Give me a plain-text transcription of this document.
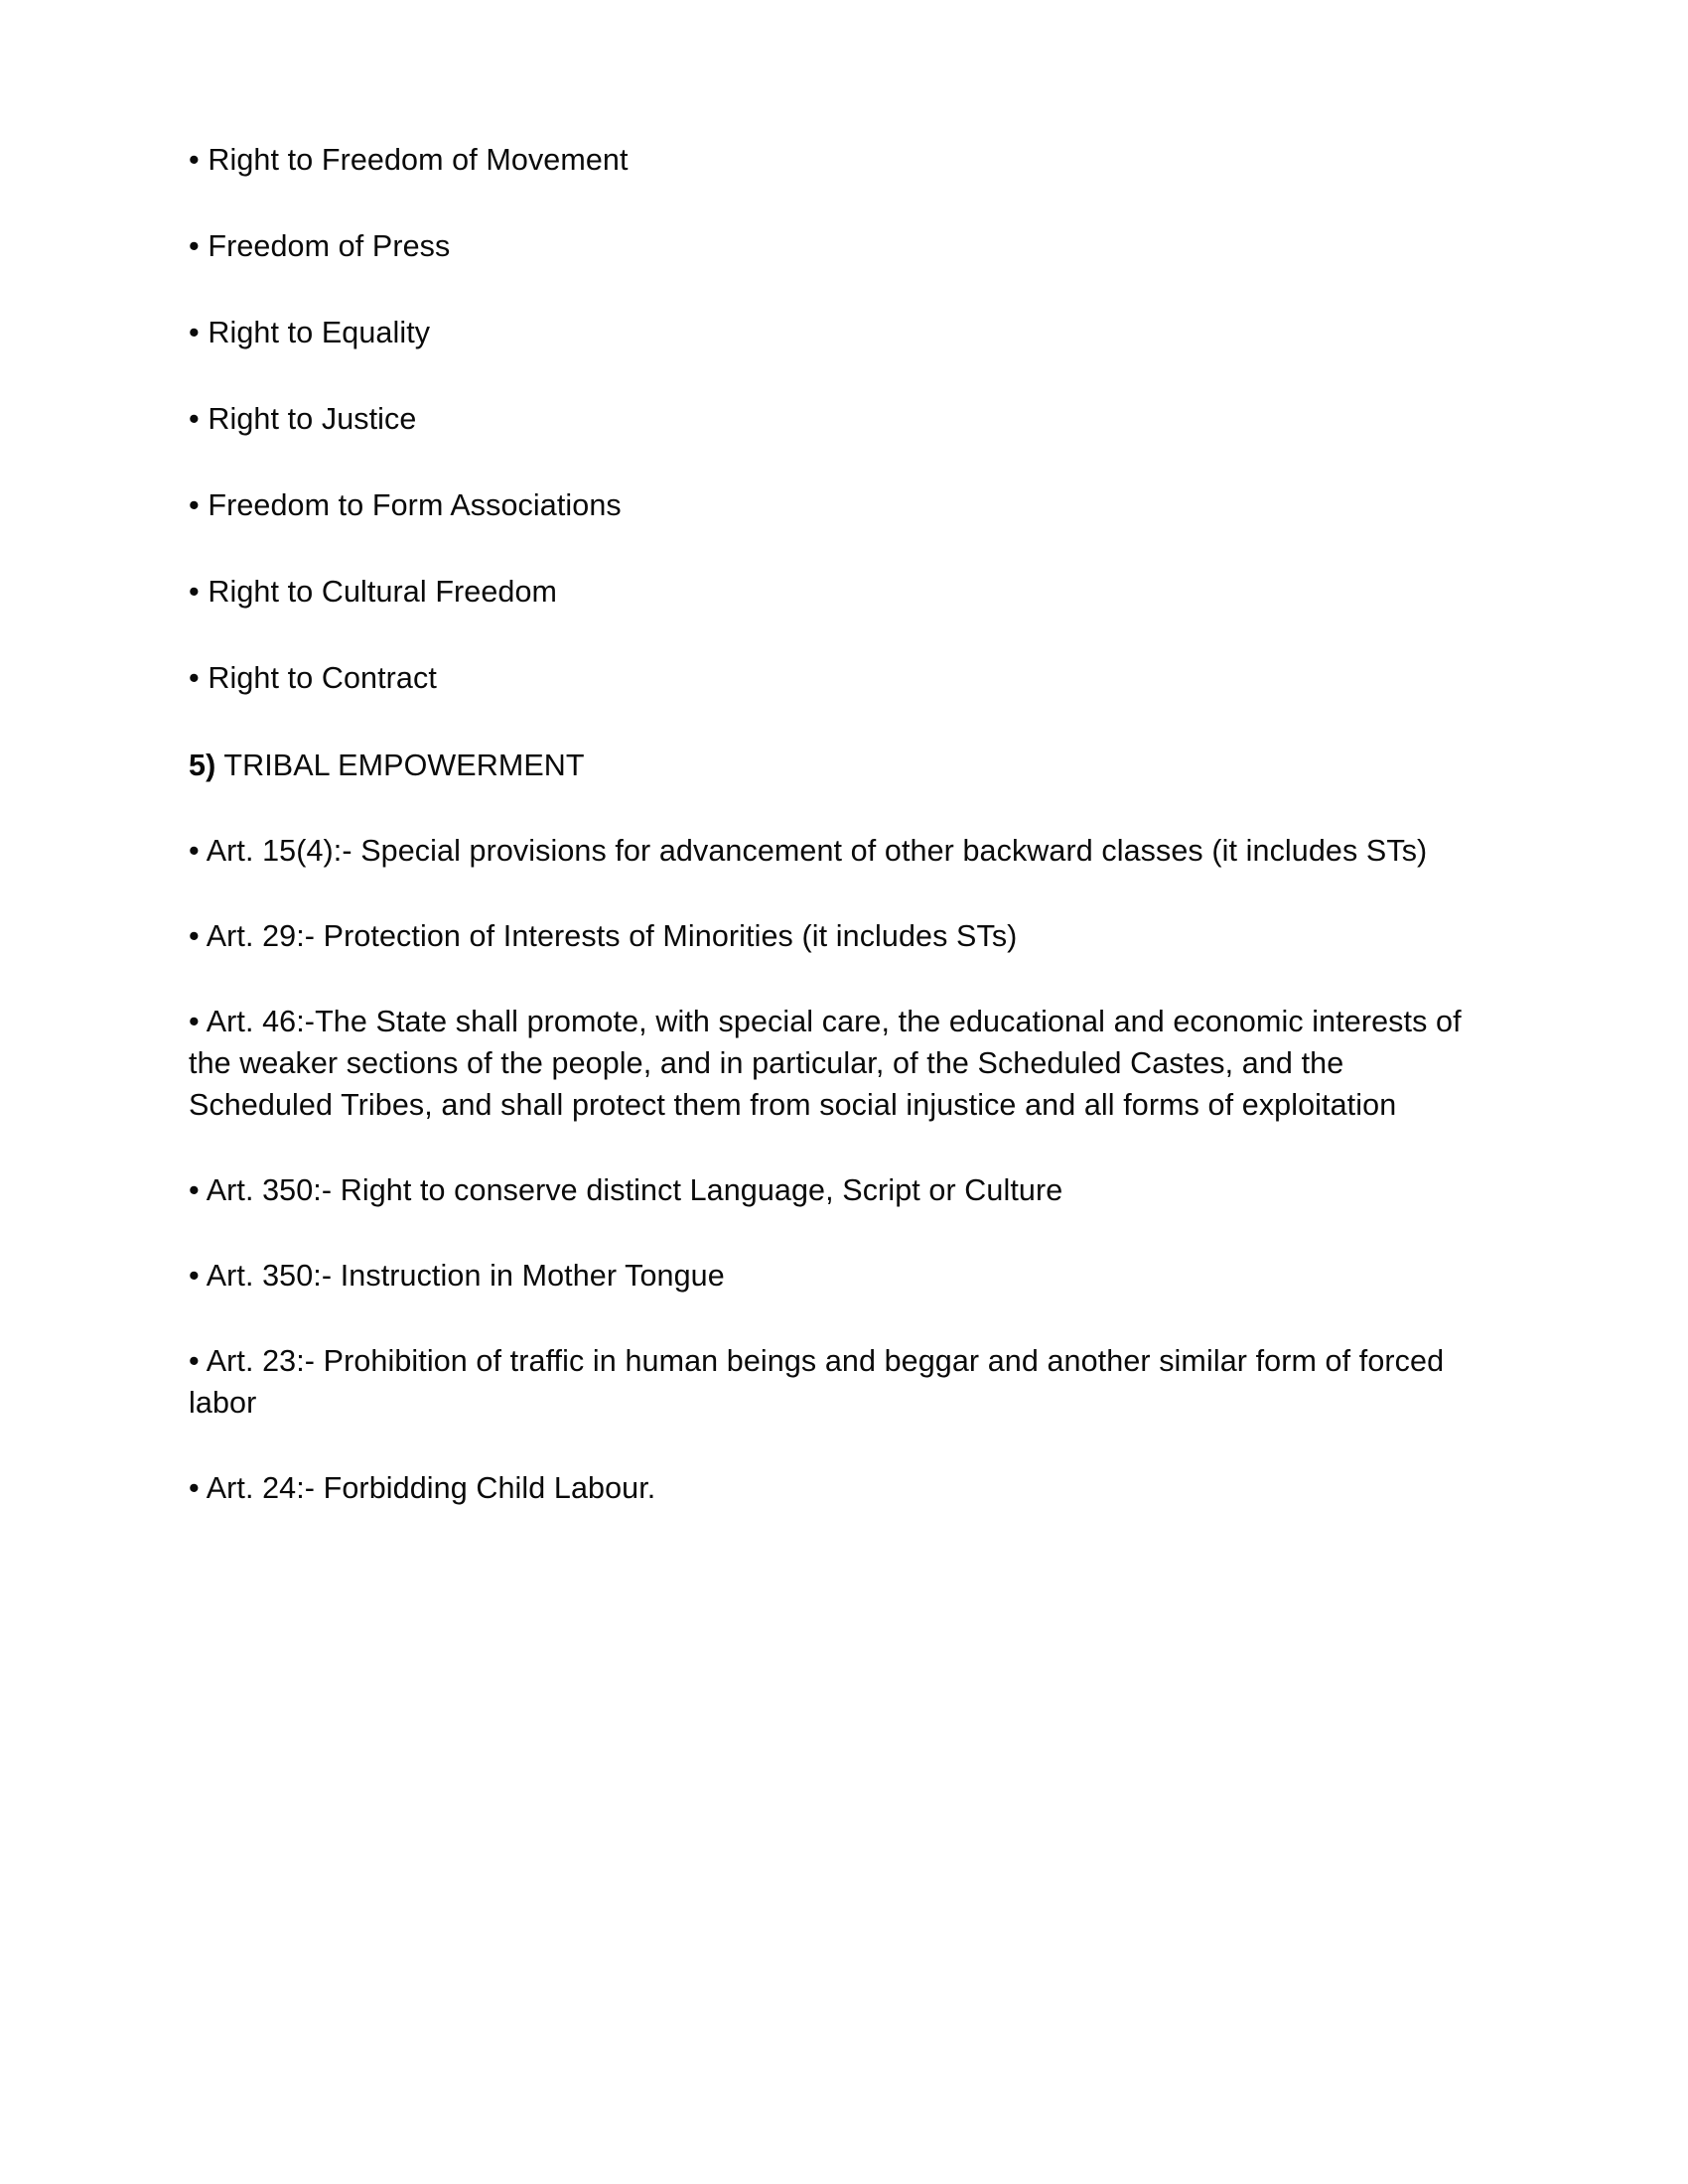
• Right to Freedom of Movement

• Freedom of Press

• Right to Equality

• Right to Justice

• Freedom to Form Associations

• Right to Cultural Freedom

• Right to Contract

5) TRIBAL EMPOWERMENT

• Art. 15(4):- Special provisions for advancement of other backward classes (it includes STs)

• Art. 29:- Protection of Interests of Minorities (it includes STs)

• Art. 46:-The State shall promote, with special care, the educational and economic interests of the weaker sections of the people, and in particular, of the Scheduled Castes, and the Scheduled Tribes, and shall protect them from social injustice and all forms of exploitation

• Art. 350:- Right to conserve distinct Language, Script or Culture

• Art. 350:- Instruction in Mother Tongue

• Art. 23:- Prohibition of traffic in human beings and beggar and another similar form of forced labor

• Art. 24:- Forbidding Child Labour.
